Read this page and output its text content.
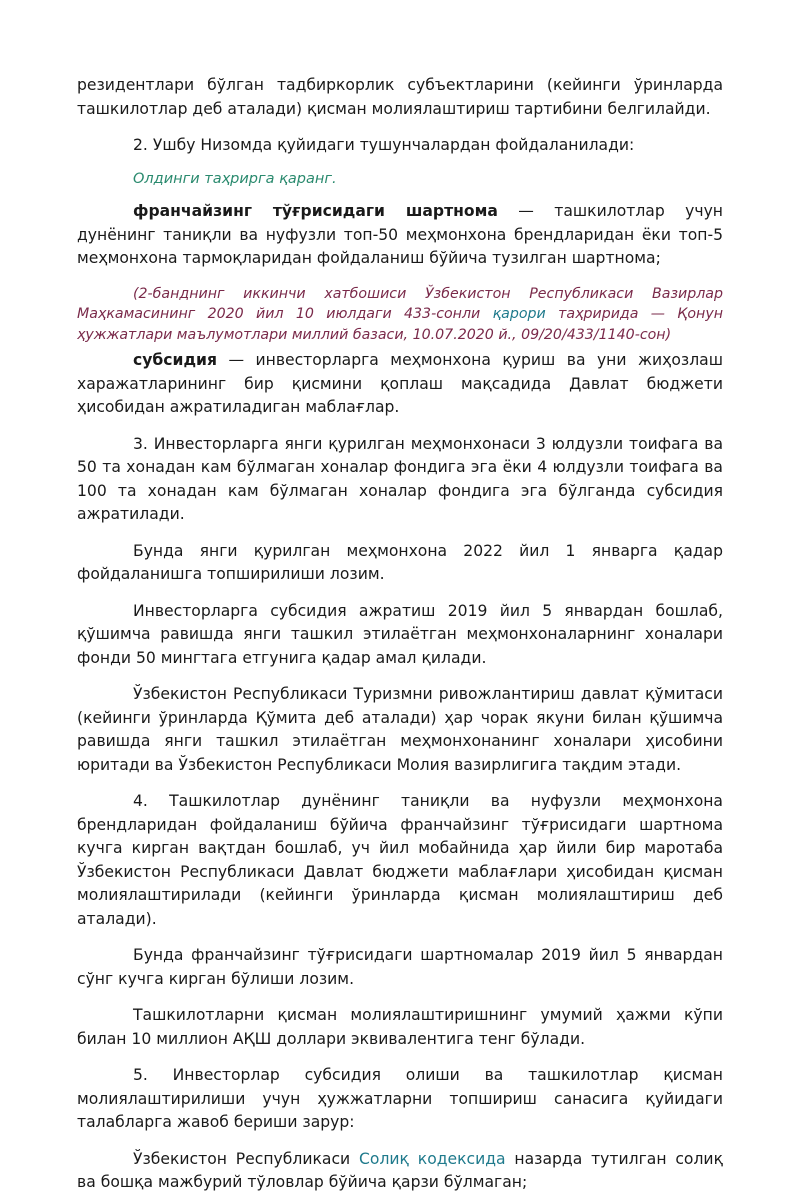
резидентлари бўлган тадбиркорлик субъектларини (кейинги ўринларда ташкилотлар деб аталади) қисман молиялаштириш тартибини белгилайди.

2. Ушбу Низомда қуйидаги тушунчалардан фойдаланилади:

Олдинги таҳрирга қаранг.

франчайзинг тўғрисидаги шартнома — ташкилотлар учун дунёнинг таниқли ва нуфузли топ-50 меҳмонхона брендларидан ёки топ-5 меҳмонхона тармоқларидан фойдаланиш бўйича тузилган шартнома;

(2-банднинг иккинчи хатбошиси Ўзбекистон Республикаси Вазирлар Маҳкамасининг 2020 йил 10 июлдаги 433-сонли қарори таҳририда — Қонун ҳужжатлари маълумотлари миллий базаси, 10.07.2020 й., 09/20/433/1140-сон)

субсидия — инвесторларга меҳмонхона қуриш ва уни жиҳозлаш харажатларининг бир қисмини қоплаш мақсадида Давлат бюджети ҳисобидан ажратиладиган маблағлар.

3. Инвесторларга янги қурилган меҳмонхонаси 3 юлдузли тоифага ва 50 та хонадан кам бўлмаган хоналар фондига эга ёки 4 юлдузли тоифага ва 100 та хонадан кам бўлмаган хоналар фондига эга бўлганда субсидия ажратилади.

Бунда янги қурилган меҳмонхона 2022 йил 1 январга қадар фойдаланишга топширилиши лозим.

Инвесторларга субсидия ажратиш 2019 йил 5 январдан бошлаб, қўшимча равишда янги ташкил этилаётган меҳмонхоналарнинг хоналари фонди 50 мингтага етгунига қадар амал қилади.

Ўзбекистон Республикаси Туризмни ривожлантириш давлат қўмитаси (кейинги ўринларда Қўмита деб аталади) ҳар чорак якуни билан қўшимча равишда янги ташкил этилаётган меҳмонхонанинг хоналари ҳисобини юритади ва Ўзбекистон Республикаси Молия вазирлигига тақдим этади.

4. Ташкилотлар дунёнинг таниқли ва нуфузли меҳмонхона брендларидан фойдаланиш бўйича франчайзинг тўғрисидаги шартнома кучга кирган вақтдан бошлаб, уч йил мобайнида ҳар йили бир маротаба Ўзбекистон Республикаси Давлат бюджети маблағлари ҳисобидан қисман молиялаштирилади (кейинги ўринларда қисман молиялаштириш деб аталади).

Бунда франчайзинг тўғрисидаги шартномалар 2019 йил 5 январдан сўнг кучга кирган бўлиши лозим.

Ташкилотларни қисман молиялаштиришнинг умумий ҳажми кўпи билан 10 миллион АҚШ доллари эквивалентига тенг бўлади.

5. Инвесторлар субсидия олиши ва ташкилотлар қисман молиялаштирилиши учун ҳужжатларни топшириш санасига қуйидаги талабларга жавоб бериши зарур:

Ўзбекистон Республикаси Солиқ кодексида назарда тутилган солиқ ва бошқа мажбурий тўловлар бўйича қарзи бўлмаган;
